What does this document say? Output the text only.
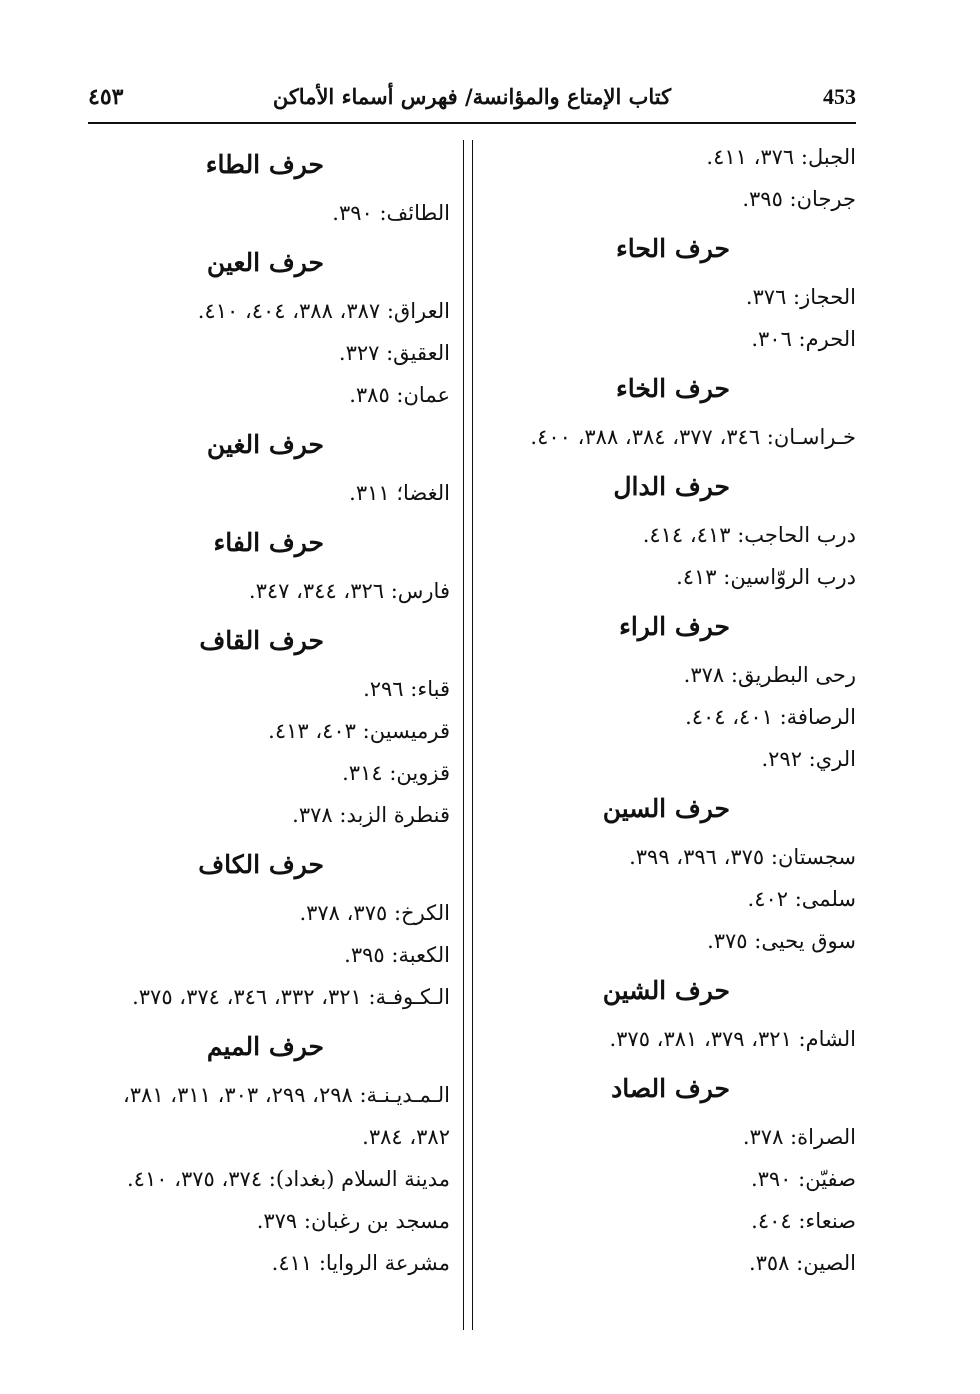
453
كتاب الإمتاع والمؤانسة/ فهرس أسماء الأماكن
٤٥٣
الجبل: ٣٧٦، ٤١١.
جرجان: ٣٩٥.
حرف الحاء
الحجاز: ٣٧٦.
الحرم: ٣٠٦.
حرف الخاء
خـراسـان: ٣٤٦، ٣٧٧، ٣٨٤، ٣٨٨، ٤٠٠.
حرف الدال
درب الحاجب: ٤١٣، ٤١٤.
درب الروّاسين: ٤١٣.
حرف الراء
رحى البطريق: ٣٧٨.
الرصافة: ٤٠١، ٤٠٤.
الري: ٢٩٢.
حرف السين
سجستان: ٣٧٥، ٣٩٦، ٣٩٩.
سلمى: ٤٠٢.
سوق يحيى: ٣٧٥.
حرف الشين
الشام: ٣٢١، ٣٧٩، ٣٨١، ٣٧٥.
حرف الصاد
الصراة: ٣٧٨.
صفيّن: ٣٩٠.
صنعاء: ٤٠٤.
الصين: ٣٥٨.
حرف الطاء
الطائف: ٣٩٠.
حرف العين
العراق: ٣٨٧، ٣٨٨، ٤٠٤، ٤١٠.
العقيق: ٣٢٧.
عمان: ٣٨٥.
حرف الغين
الغضا؛ ٣١١.
حرف الفاء
فارس: ٣٢٦، ٣٤٤، ٣٤٧.
حرف القاف
قباء: ٢٩٦.
قرميسين: ٤٠٣، ٤١٣.
قزوين: ٣١٤.
قنطرة الزبد: ٣٧٨.
حرف الكاف
الكرخ: ٣٧٥، ٣٧٨.
الكعبة: ٣٩٥.
الـكـوفـة: ٣٢١، ٣٣٢، ٣٤٦، ٣٧٤، ٣٧٥.
حرف الميم
الـمـديـنـة: ٢٩٨، ٢٩٩، ٣٠٣، ٣١١، ٣٨١، ٣٨٢، ٣٨٤.
مدينة السلام (بغداد): ٣٧٤، ٣٧٥، ٤١٠.
مسجد بن رغبان: ٣٧٩.
مشرعة الروايا: ٤١١.
